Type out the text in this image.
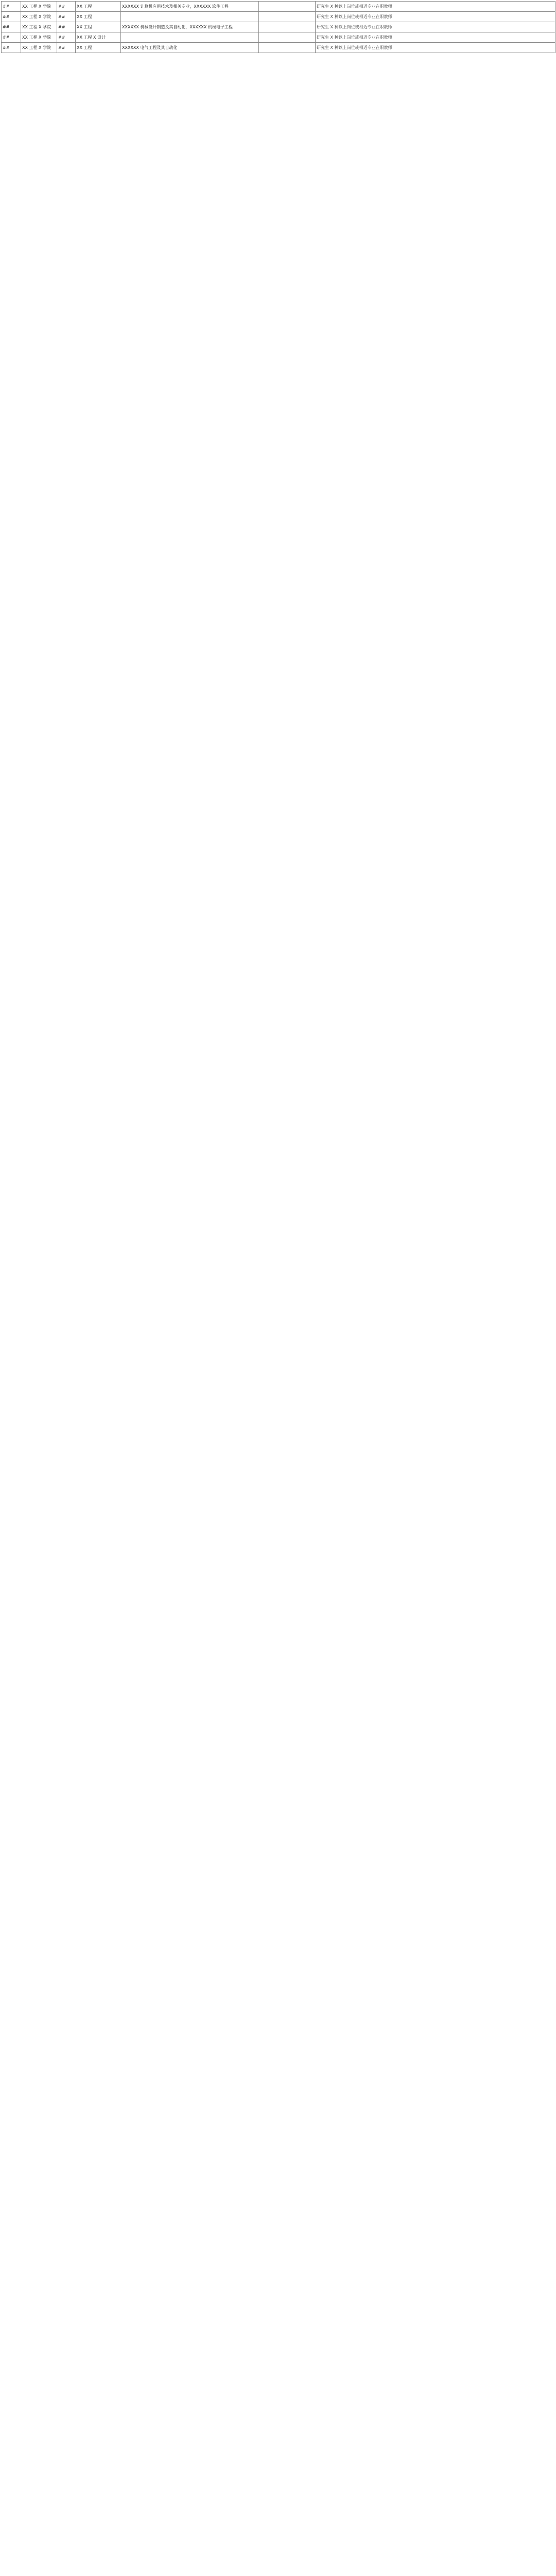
##	XX 工程 X 学院	##	XX 工程	XXXXXX 计算机应用技术及相关专业，XXXXXX 软件工程		研究生 X 种以上岗位或相近专业在职教师
##	XX 工程 X 学院	##	XX 工程			研究生 X 种以上岗位或相近专业在职教师
##	XX 工程 X 学院	##	XX 工程	XXXXXX 机械设计制造及其自动化，XXXXXX 机械电子工程		研究生 X 种以上岗位或相近专业在职教师
##	XX 工程 X 学院	##	XX 工程 X 设计			研究生 X 种以上岗位或相近专业在职教师
##	XX 工程 X 学院	##	XX 工程	XXXXXX 电气工程及其自动化		研究生 X 种以上岗位或相近专业在职教师
